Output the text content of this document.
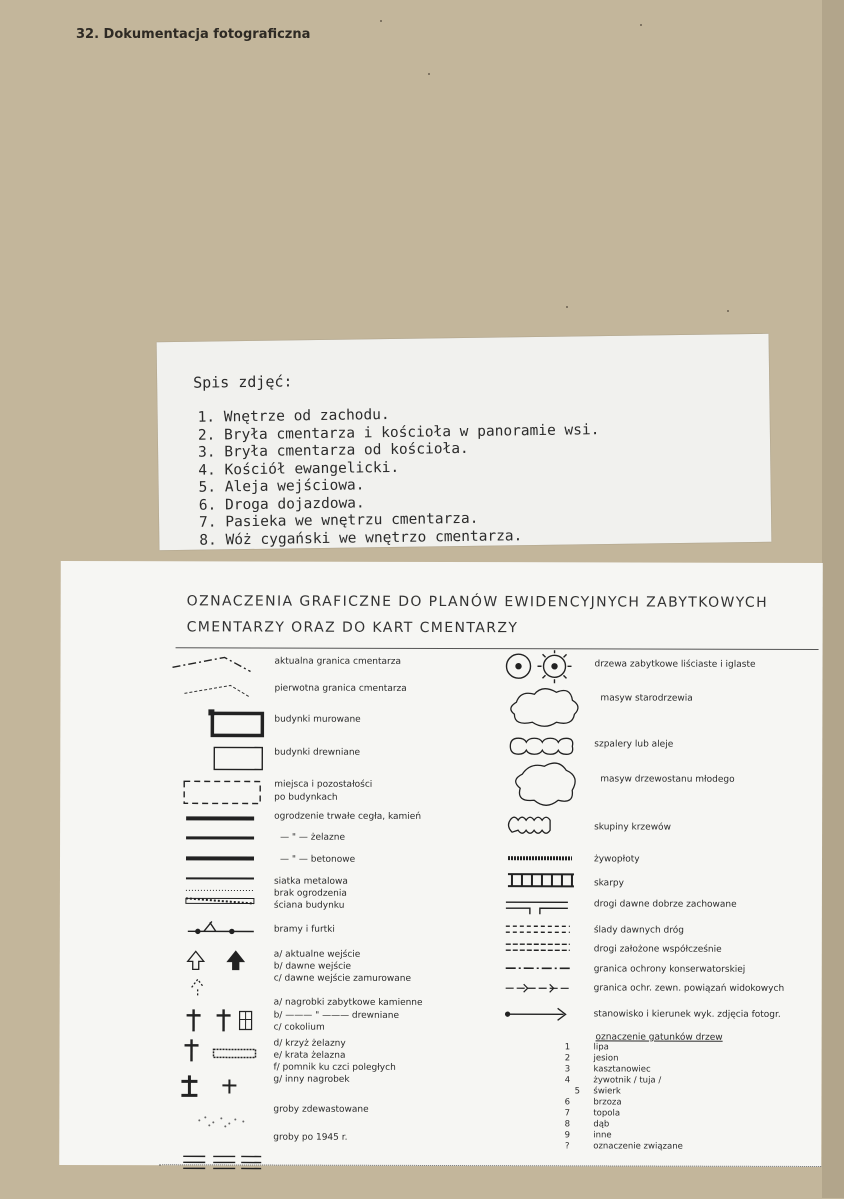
32. Dokumentacja fotograficzna
Spis zdjęć:
1. Wnętrze od zachodu.
2. Bryła cmentarza i kościoła w panoramie wsi.
3. Bryła cmentarza od kościoła.
4. Kościół ewangelicki.
5. Aleja wejściowa.
6. Droga dojazdowa.
7. Pasieka we wnętrzu cmentarza.
8. Wóż cygański we wnętrzo cmentarza.
OZNACZENIA GRAFICZNE DO PLANÓW EWIDENCYJNYCH ZABYTKOWYCH
CMENTARZY ORAZ DO KART CMENTARZY
aktualna granica cmentarza
pierwotna granica cmentarza
budynki murowane
budynki drewniane
miejsca i pozostałości
po budynkach
ogrodzenie trwałe cegła, kamień
— " — żelazne
— " — betonowe
siatka metalowa
brak ogrodzenia
ściana budynku
bramy i furtki
a/ aktualne wejście
b/ dawne wejście
c/ dawne wejście zamurowane
a/ nagrobki zabytkowe kamienne
b/ ——— " ——— drewniane
c/ cokolium
d/ krzyż żelazny
e/ krata żelazna
f/ pomnik ku czci poległych
g/ inny nagrobek
groby zdewastowane
groby po 1945 r.
drzewa zabytkowe liściaste i iglaste
masyw starodrzewia
szpalery lub aleje
masyw drzewostanu młodego
skupiny krzewów
żywopłoty
skarpy
drogi dawne dobrze zachowane
ślady dawnych dróg
drogi założone współcześnie
granica ochrony konserwatorskiej
granica ochr. zewn. powiązań widokowych
stanowisko i kierunek wyk. zdjęcia fotogr.
oznaczenie gatunków drzew
1
2
3
4
5
6
7
8
9
?
lipa
jesion
kasztanowiec
żywotnik / tuja /
świerk
brzoza
topola
dąb
inne
oznaczenie związane
